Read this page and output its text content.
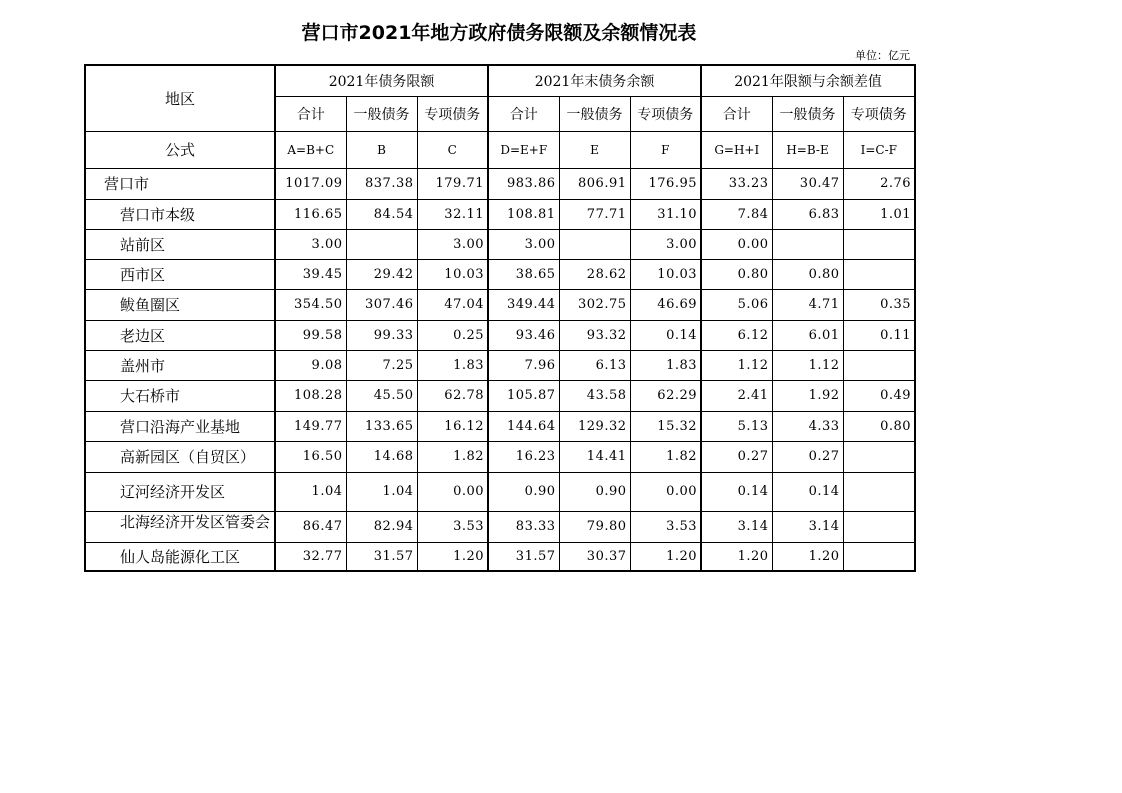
营口市2021年地方政府债务限额及余额情况表
单位：亿元
地区	2021年债务限额			2021年末债务余额			2021年限额与余额差值		
	合计	一般债务	专项债务	合计	一般债务	专项债务	合计	一般债务	专项债务
公式	A=B+C	B	C	D=E+F	E	F	G=H+I	H=B-E	I=C-F
营口市	1017.09	837.38	179.71	983.86	806.91	176.95	33.23	30.47	2.76
营口市本级	116.65	84.54	32.11	108.81	77.71	31.10	7.84	6.83	1.01
站前区	3.00		3.00	3.00		3.00	0.00		
西市区	39.45	29.42	10.03	38.65	28.62	10.03	0.80	0.80	
鲅鱼圈区	354.50	307.46	47.04	349.44	302.75	46.69	5.06	4.71	0.35
老边区	99.58	99.33	0.25	93.46	93.32	0.14	6.12	6.01	0.11
盖州市	9.08	7.25	1.83	7.96	6.13	1.83	1.12	1.12	
大石桥市	108.28	45.50	62.78	105.87	43.58	62.29	2.41	1.92	0.49
营口沿海产业基地	149.77	133.65	16.12	144.64	129.32	15.32	5.13	4.33	0.80
高新园区（自贸区）	16.50	14.68	1.82	16.23	14.41	1.82	0.27	0.27	
辽河经济开发区	1.04	1.04	0.00	0.90	0.90	0.00	0.14	0.14	
北海经济开发区管委会	86.47	82.94	3.53	83.33	79.80	3.53	3.14	3.14	
仙人岛能源化工区	32.77	31.57	1.20	31.57	30.37	1.20	1.20	1.20	
